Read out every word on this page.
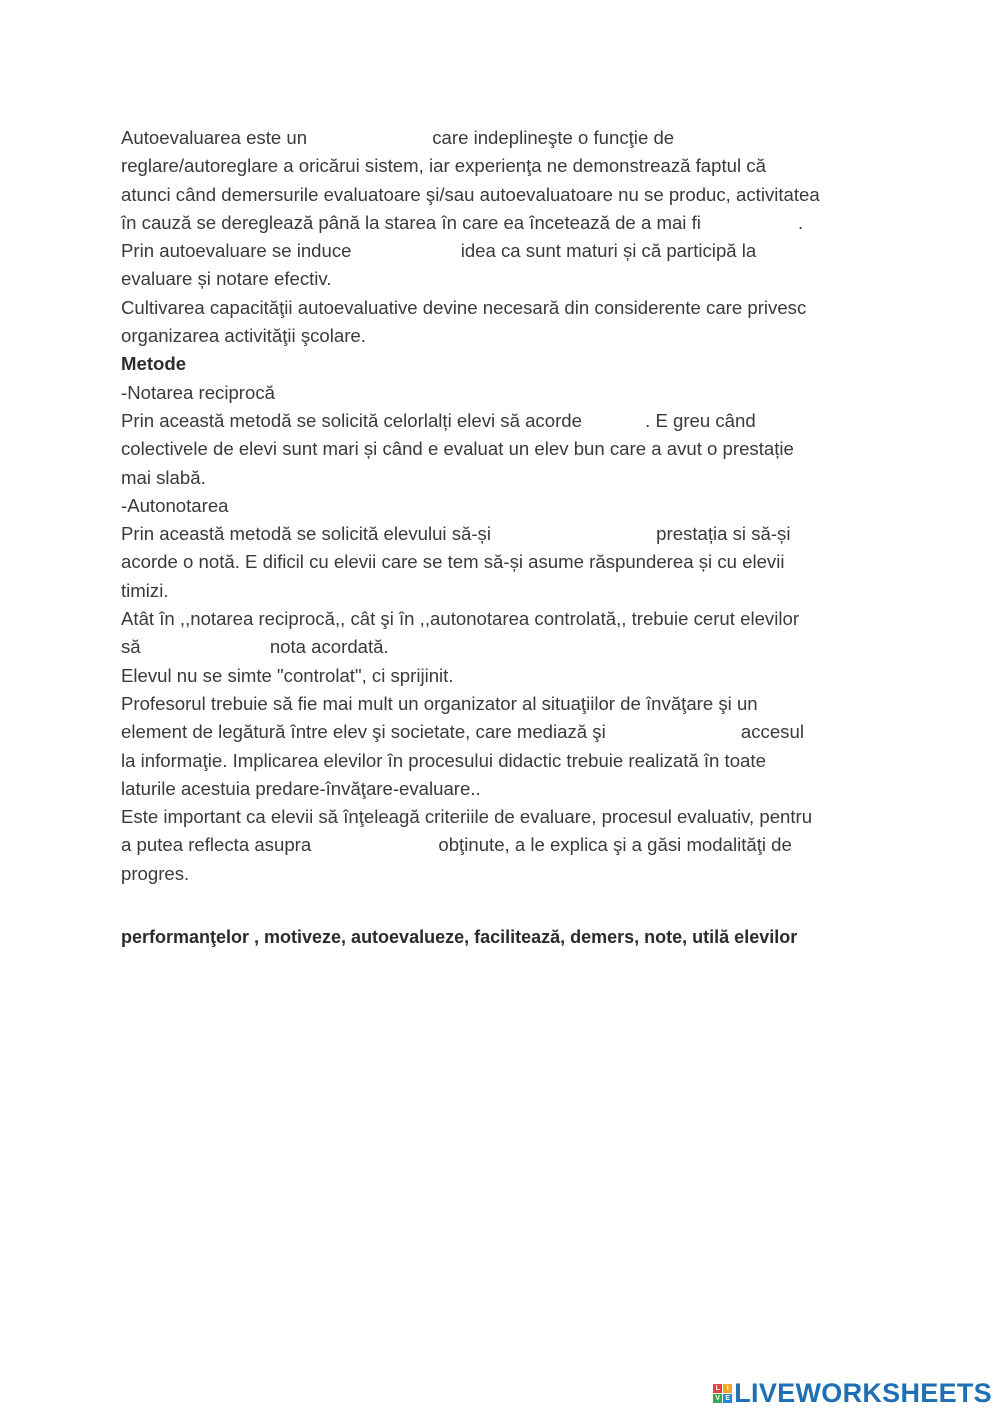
Autoevaluarea este un	care indeplineşte o funcţie de
reglare/autoreglare a oricărui sistem, iar experienţa ne demonstrează faptul că
atunci când demersurile evaluatoare şi/sau autoevaluatoare nu se produc, activitatea
în cauză se dereglează până la starea în care ea încetează de a mai fi	.
Prin autoevaluare se induce	idea ca sunt maturi și că participă la
evaluare și notare efectiv.
Cultivarea capacităţii autoevaluative devine necesară din considerente care privesc
organizarea activităţii şcolare.
Metode
-Notarea reciprocă
Prin această metodă se solicită celorlalți elevi să acorde	. E greu când
colectivele de elevi sunt mari și când e evaluat un elev bun care a avut o prestație
mai slabă.
-Autonotarea
Prin această metodă se solicită elevului să-și	prestația si să-și
acorde o notă. E dificil cu elevii care se tem să-și asume răspunderea și cu elevii
timizi.
Atât în ,,notarea reciprocă,, cât şi în ,,autonotarea controlată,, trebuie cerut elevilor
să	nota acordată.
Elevul nu se simte "controlat", ci sprijinit.
Profesorul trebuie să fie mai mult un organizator al situaţiilor de învăţare şi un
element de legătură între elev şi societate, care mediază şi	accesul
la informaţie. Implicarea elevilor în procesului didactic trebuie realizată în toate
laturile acestuia predare-învăţare-evaluare..
Este important ca elevii să înţeleagă criteriile de evaluare, procesul evaluativ, pentru
a putea reflecta asupra	obţinute, a le explica şi a găsi modalităţi de
progres.
performanţelor , motiveze, autoevalueze, facilitează, demers, note, utilă elevilor
L I
V E LIVEWORKSHEETS
